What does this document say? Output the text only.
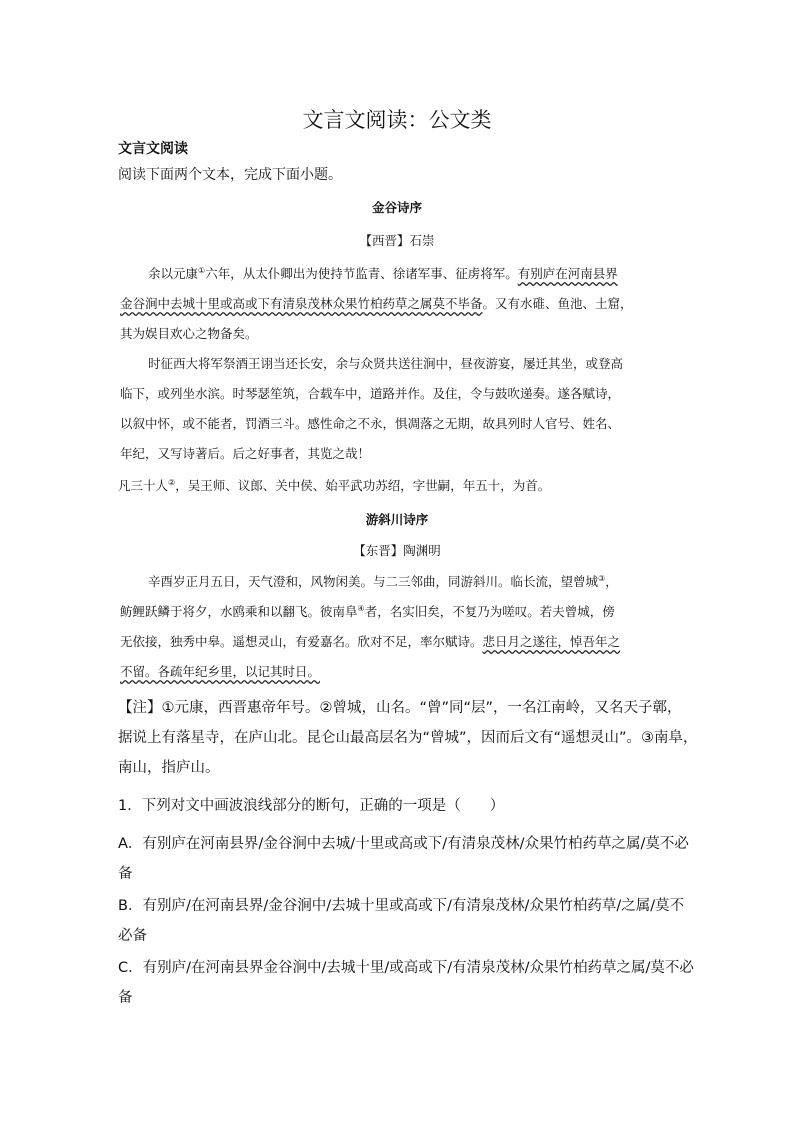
文言文阅读：公文类
文言文阅读
阅读下面两个文本，完成下面小题。
金谷诗序
【西晋】石崇
余以元康①六年，从太仆卿出为使持节监青、徐诸军事、征虏将军。有别庐在河南县界
金谷涧中去城十里或高或下有清泉茂林众果竹柏药草之属莫不毕备。又有水碓、鱼池、土窟，
其为娱目欢心之物备矣。
时征西大将军祭酒王诩当还长安，余与众贤共送往涧中，昼夜游宴，屡迁其坐，或登高
临下，或列坐水滨。时琴瑟笙筑，合载车中，道路并作。及住，令与鼓吹递奏。遂各赋诗，
以叙中怀，或不能者，罚酒三斗。感性命之不永，惧凋落之无期，故具列时人官号、姓名、
年纪，又写诗著后。后之好事者，其览之哉！
凡三十人②，吴王师、议郎、关中侯、始平武功苏绍，字世嗣，年五十，为首。
游斜川诗序
【东晋】陶渊明
辛酉岁正月五日，天气澄和，风物闲美。与二三邻曲，同游斜川。临长流，望曾城③，
鲂鲤跃鳞于将夕，水鸥乘和以翻飞。彼南阜④者，名实旧矣，不复乃为嗟叹。若夫曾城，傍
无依接，独秀中皋。遥想灵山，有爱嘉名。欣对不足，率尔赋诗。悲日月之遂往，悼吾年之
不留。各疏年纪乡里，以记其时日。
【注】①元康，西晋惠帝年号。②曾城，山名。“曾”同“层”，一名江南岭，又名天子鄣，
据说上有落星寺，在庐山北。昆仑山最高层名为“曾城”，因而后文有“遥想灵山”。③南阜，
南山，指庐山。
1．下列对文中画波浪线部分的断句，正确的一项是（　　）
A．有别庐在河南县界/金谷涧中去城/十里或高或下/有清泉茂林/众果竹柏药草之属/莫不必
备
B．有别庐/在河南县界/金谷涧中/去城十里或高或下/有清泉茂林/众果竹柏药草/之属/莫不
必备
C．有别庐/在河南县界金谷涧中/去城十里/或高或下/有清泉茂林/众果竹柏药草之属/莫不必
备
